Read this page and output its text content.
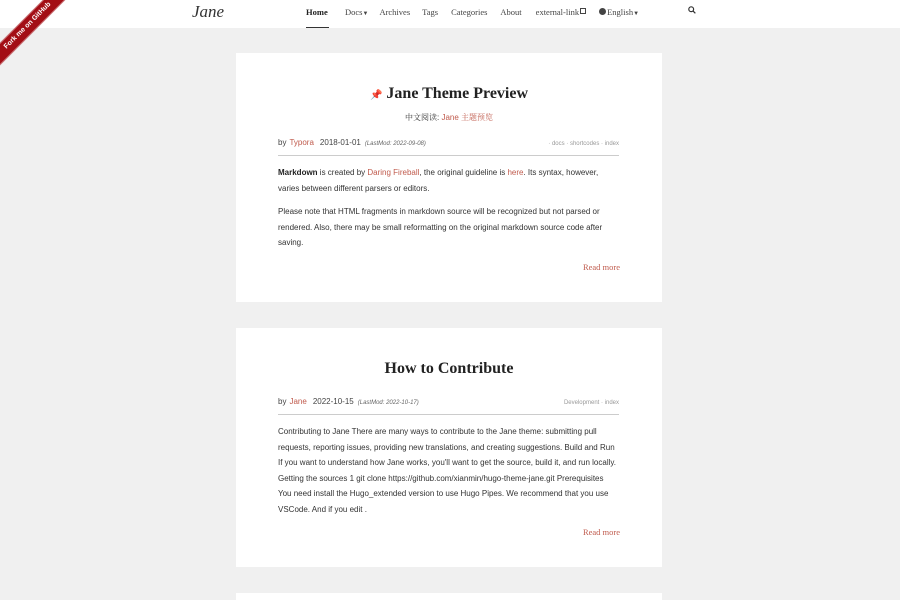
Fork me on GitHub	Jane	Home Docs▼ Archives Tags Categories About external-link	English▼
📌 Jane Theme Preview
中文阅读: Jane 主题预览
by Typora 2018-01-01 (LastMod: 2022-09-08)	· docs · shortcodes · index
Markdown is created by Daring Fireball, the original guideline is here. Its syntax, however, varies between different parsers or editors.
Please note that HTML fragments in markdown source will be recognized but not parsed or rendered. Also, there may be small reformatting on the original markdown source code after saving.
Read more
How to Contribute
by Jane 2022-10-15 (LastMod: 2022-10-17)	Development · index
Contributing to Jane There are many ways to contribute to the Jane theme: submitting pull requests, reporting issues, providing new translations, and creating suggestions. Build and Run If you want to understand how Jane works, you'll want to get the source, build it, and run locally. Getting the sources 1 git clone https://github.com/xianmin/hugo-theme-jane.git Prerequisites You need install the Hugo_extended version to use Hugo Pipes. We recommend that you use VSCode. And if you edit .
Read more
